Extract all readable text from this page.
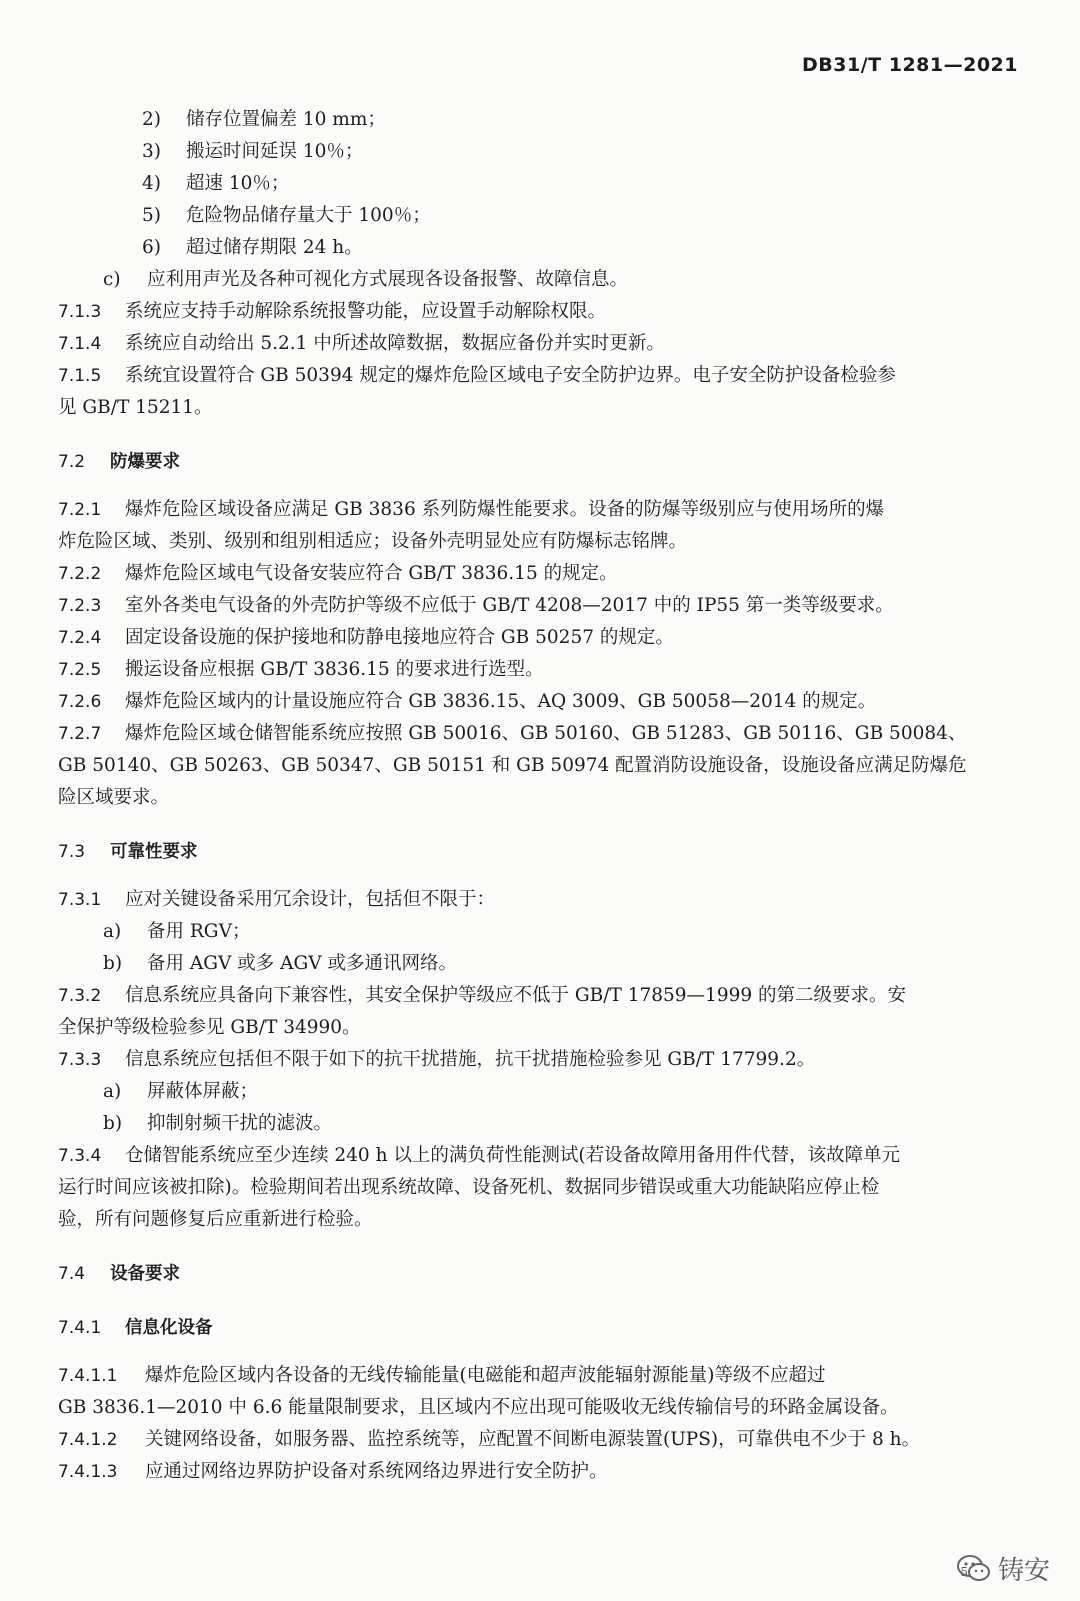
DB31/T 1281—2021
2) 储存位置偏差 10 mm；
3) 搬运时间延误 10％；
4) 超速 10％；
5) 危险物品储存量大于 100％；
6) 超过储存期限 24 h。
c) 应利用声光及各种可视化方式展现各设备报警、故障信息。
7.1.3 系统应支持手动解除系统报警功能，应设置手动解除权限。
7.1.4 系统应自动给出 5.2.1 中所述故障数据，数据应备份并实时更新。
7.1.5 系统宜设置符合 GB 50394 规定的爆炸危险区域电子安全防护边界。电子安全防护设备检验参
见 GB/T 15211。
7.2 防爆要求
7.2.1 爆炸危险区域设备应满足 GB 3836 系列防爆性能要求。设备的防爆等级别应与使用场所的爆
炸危险区域、类别、级别和组别相适应；设备外壳明显处应有防爆标志铭牌。
7.2.2 爆炸危险区域电气设备安装应符合 GB/T 3836.15 的规定。
7.2.3 室外各类电气设备的外壳防护等级不应低于 GB/T 4208—2017 中的 IP55 第一类等级要求。
7.2.4 固定设备设施的保护接地和防静电接地应符合 GB 50257 的规定。
7.2.5 搬运设备应根据 GB/T 3836.15 的要求进行选型。
7.2.6 爆炸危险区域内的计量设施应符合 GB 3836.15、AQ 3009、GB 50058—2014 的规定。
7.2.7 爆炸危险区域仓储智能系统应按照 GB 50016、GB 50160、GB 51283、GB 50116、GB 50084、
GB 50140、GB 50263、GB 50347、GB 50151 和 GB 50974 配置消防设施设备，设施设备应满足防爆危
险区域要求。
7.3 可靠性要求
7.3.1 应对关键设备采用冗余设计，包括但不限于：
a) 备用 RGV；
b) 备用 AGV 或多 AGV 或多通讯网络。
7.3.2 信息系统应具备向下兼容性，其安全保护等级应不低于 GB/T 17859—1999 的第二级要求。安
全保护等级检验参见 GB/T 34990。
7.3.3 信息系统应包括但不限于如下的抗干扰措施，抗干扰措施检验参见 GB/T 17799.2。
a) 屏蔽体屏蔽；
b) 抑制射频干扰的滤波。
7.3.4 仓储智能系统应至少连续 240 h 以上的满负荷性能测试(若设备故障用备用件代替，该故障单元
运行时间应该被扣除)。检验期间若出现系统故障、设备死机、数据同步错误或重大功能缺陷应停止检
验，所有问题修复后应重新进行检验。
7.4 设备要求
7.4.1 信息化设备
7.4.1.1 爆炸危险区域内各设备的无线传输能量(电磁能和超声波能辐射源能量)等级不应超过
GB 3836.1—2010 中 6.6 能量限制要求，且区域内不应出现可能吸收无线传输信号的环路金属设备。
7.4.1.2 关键网络设备，如服务器、监控系统等，应配置不间断电源装置(UPS)，可靠供电不少于 8 h。
7.4.1.3 应通过网络边界防护设备对系统网络边界进行安全防护。
5 铸安
